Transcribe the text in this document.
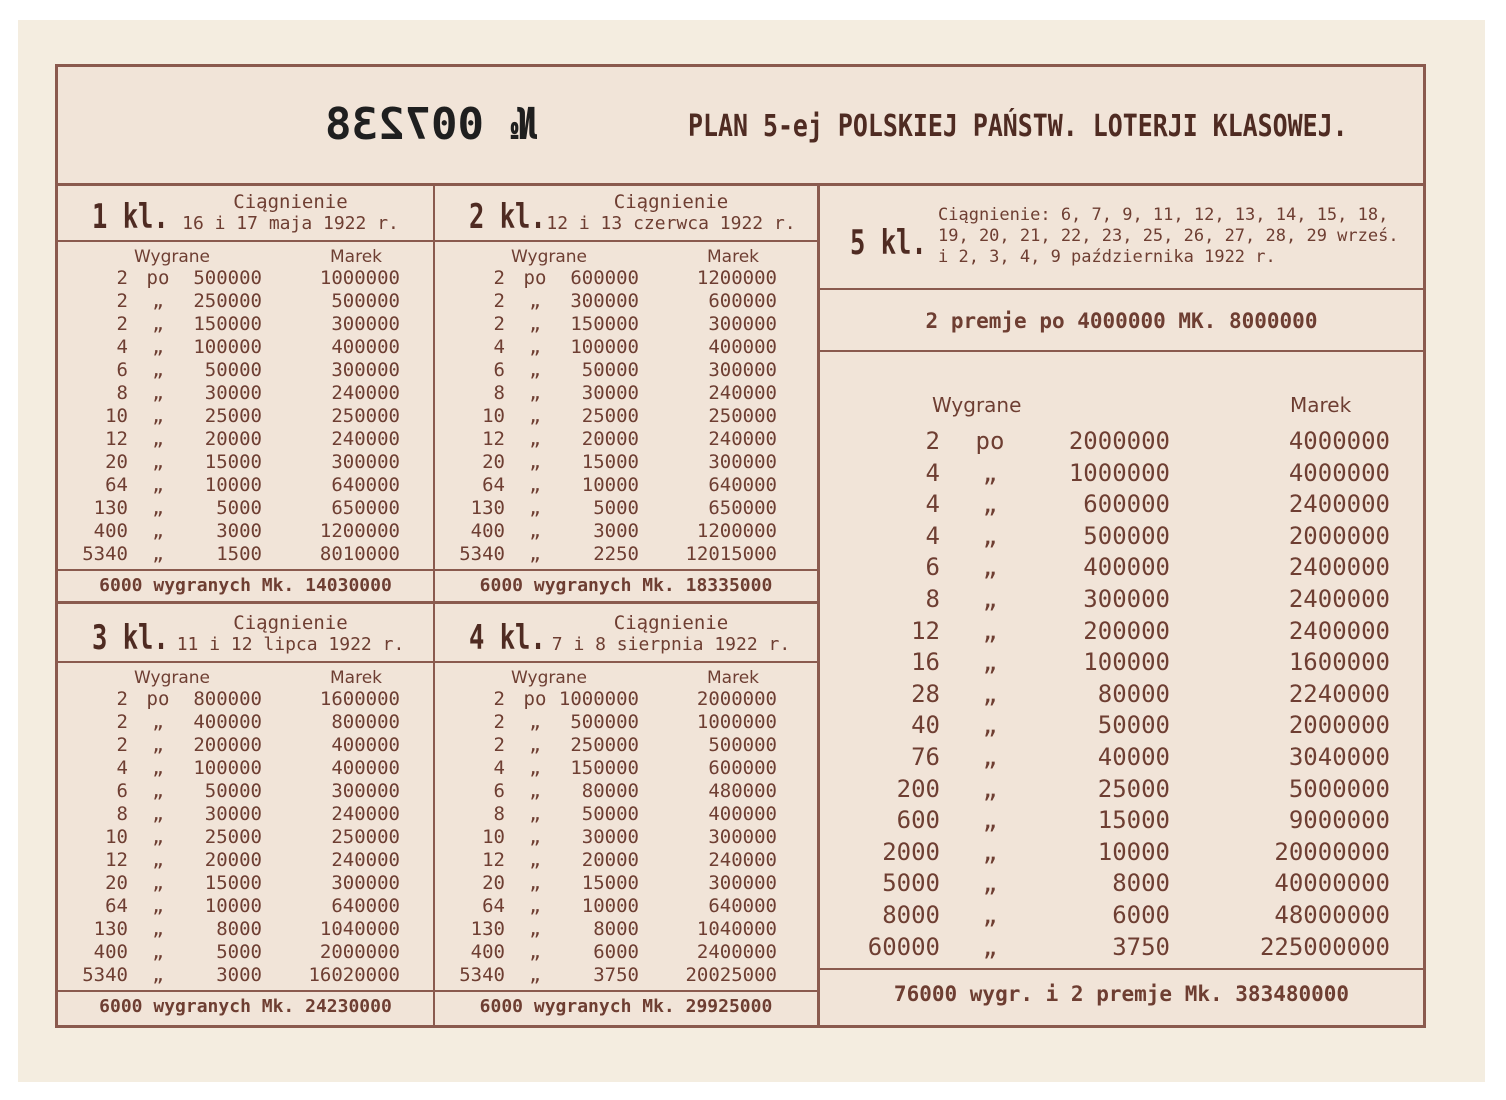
№ 007238	PLAN 5-ej POLSKIEJ PAŃSTW. LOTERJI KLASOWEJ.
1 kl.	Ciągnienie
16 i 17 maja 1922 r.
Wygrane	Marek
2 po	500000	1000000
2	„	250000	500000
2	„	150000	300000
4	„	100000	400000
6	„	50000	300000
8	„	30000	240000
10	„	25000	250000
12	„	20000	240000
20	„	15000	300000
64	„	10000	640000
130	„	5000	650000
400	„	3000	1200000
5340	„	1500	8010000
6000 wygranych Mk. 14030000
2 kl.	Ciągnienie
12 i 13 czerwca 1922 r.
Wygrane	Marek
2 po	600000	1200000
2	„	300000	600000
2	„	150000	300000
4	„	100000	400000
6	„	50000	300000
8	„	30000	240000
10	„	25000	250000
12	„	20000	240000
20	„	15000	300000
64	„	10000	640000
130	„	5000	650000
400	„	3000	1200000
5340	„	2250	12015000
6000 wygranych Mk. 18335000
3 kl.	Ciągnienie
11 i 12 lipca 1922 r.
Wygrane	Marek
2 po	800000	1600000
2	„	400000	800000
2	„	200000	400000
4	„	100000	400000
6	„	50000	300000
8	„	30000	240000
10	„	25000	250000
12	„	20000	240000
20	„	15000	300000
64	„	10000	640000
130	„	8000	1040000
400	„	5000	2000000
5340	„	3000	16020000
6000 wygranych Mk. 24230000
4 kl.	Ciągnienie
7 i 8 sierpnia 1922 r.
Wygrane	Marek
2 po 1000000	2000000
2	„	500000	1000000
2	„	250000	500000
4	„	150000	600000
6	„	80000	480000
8	„	50000	400000
10	„	30000	300000
12	„	20000	240000
20	„	15000	300000
64	„	10000	640000
130	„	8000	1040000
400	„	6000	2400000
5340	„	3750	20025000
6000 wygranych Mk. 29925000
5 kl.
Ciągnienie: 6, 7, 9, 11, 12, 13, 14, 15, 18,
19, 20, 21, 22, 23, 25, 26, 27, 28, 29 wrześ.
i 2, 3, 4, 9 października 1922 r.
2 premje po 4000000 MK. 8000000
Wygrane	Marek
2	po	2000000	4000000
4	„	1000000	4000000
4	„	600000	2400000
4	„	500000	2000000
6	„	400000	2400000
8	„	300000	2400000
12	„	200000	2400000
16	„	100000	1600000
28	„	80000	2240000
40	„	50000	2000000
76	„	40000	3040000
200	„	25000	5000000
600	„	15000	9000000
2000	„	10000	20000000
5000	„	8000	40000000
8000	„	6000	48000000
60000	„	3750	225000000
76000 wygr. i 2 premje Mk. 383480000
